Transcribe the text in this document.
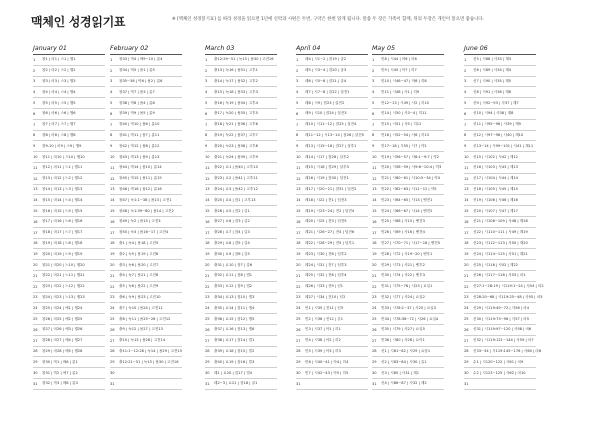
맥체인 성경읽기표	※ [맥체인 성경읽기표] 를 따라 성경을 읽으면 1년에 신약과 시편은 두번, 구약은 한번 읽게 됩니다. 말씀 두 장은 가족이 함께, 뒤의 두장은 개인이 읽으면 좋습니다.
January 01
1	창1 | 마1 | 스1 | 행1
2	창2 | 마2 | 스2 | 행2
3	창3 | 마3 | 스3 | 행3
4	창4 | 마4 | 스4 | 행4
5	창5 | 마5 | 스5 | 행5
6	창6 | 마6 | 스6 | 행6
7	창7 | 마7 | 스7 | 행7
8	창8 | 마8 | 스8 | 행8
9	창9-10 | 마9 | 스9 | 행9
10	창11 | 마10 | 스10 | 행10
11	창12 | 마11 | 느1 | 행11
12	창13 | 마12 | 느2 | 행12
13	창14 | 마13 | 느3 | 행13
14	창15 | 마14 | 느4 | 행14
15	창16 | 마15 | 느5 | 행15
16	창17 | 마16 | 느6 | 행16
17	창18 | 마17 | 느7 | 행17
18	창19 | 마18 | 느8 | 행18
19	창20 | 마19 | 느9 | 행19
20	창21 | 마20 | 느10 | 행20
21	창22 | 마21 | 느11 | 행21
22	창23 | 마22 | 느12 | 행22
23	창24 | 마23 | 느13 | 행23
24	창25 | 마24 | 에1 | 행24
25	창26 | 마25 | 에2 | 행25
26	창27 | 마26 | 에3 | 행26
27	창28 | 마27 | 에4 | 행27
28	창29 | 마28 | 에5 | 행28
29	창30 | 막1 | 에6 | 롬1
30	창31 | 막2 | 에7 | 롬2
31	창32 | 막3 | 에8 | 롬3
February 02
1	창33 | 막4 | 에9~10 | 롬4
2	창34 | 막5 | 욥1 | 롬5
3	창35~36 | 막6 | 욥2 | 롬6
4	창37 | 막7 | 욥3 | 롬7
5	창38 | 막8 | 욥4 | 롬8
6	창39 | 막9 | 욥5 | 롬9
7	창40 | 막10 | 욥6 | 롬10
8	창41 | 막11 | 욥7 | 롬11
9	창42 | 막12 | 욥8 | 롬12
10	창43 | 막13 | 욥9 | 롬13
11	창44 | 막14 | 욥10 | 롬14
12	창45 | 막15 | 욥11 | 롬15
13	창46 | 막16 | 욥12 | 롬16
14	창47 | 눅1:1~38 | 욥13 | 고전1
15	창48 | 눅1:39~80 | 욥14 | 고전2
16	창49 | 눅2 | 욥15 | 고전3
17	창50 | 눅3 | 욥16~17 | 고전4
18	출1 | 눅4 | 욥18 | 고전5
19	출2 | 눅5 | 욥19 | 고전6
20	출3 | 눅6 | 욥20 | 고전7
21	출4 | 눅7 | 욥21 | 고전8
22	출5 | 눅8 | 욥22 | 고전9
23	출6 | 눅9 | 욥23 | 고전10
24	출7 | 눅10 | 욥24 | 고전11
25	출8 | 눅11 | 욥25~26 | 고전12
26	출9 | 눅12 | 욥27 | 고전13
27	출10 | 눅13 | 욥28 | 고전14
28	출11:1~12:28 | 눅14 | 욥29 | 고전15
29	출12:21~51 | 눅15 | 욥30 | 고전16
30
31
March 03
1	출12:29~51 | 눅15 | 욥30 | 고전16
2	출13 | 눅16 | 욥31 | 고후1
3	출14 | 눅17 | 욥32 | 고후2
4	출15 | 눅18 | 욥33 | 고후3
5	출16 | 눅19 | 욥34 | 고후4
6	출17 | 눅20 | 욥35 | 고후5
7	출18 | 눅21 | 욥36 | 고후6
8	출19 | 눅22 | 욥37 | 고후7
9	출20 | 눅23 | 욥38 | 고후8
10	출21 | 눅24 | 욥39 | 고후9
11	출22 | 요1 | 욥40 | 고후10
12	출23 | 요2 | 욥41 | 고후11
13	출24 | 요3 | 욥42 | 고후12
14	출25 | 요4 | 잠1 | 고후13
15	출26 | 요5 | 잠2 | 갈1
16	출27 | 요6 | 잠3 | 갈2
17	출28 | 요7 | 잠4 | 갈3
18	출29 | 요8 | 잠5 | 갈4
19	출30 | 요9 | 잠6 | 갈5
20	출31 | 요10 | 잠7 | 갈6
21	출32 | 요11 | 잠8 | 엡1
22	출33 | 요12 | 잠9 | 엡2
23	출34 | 요13 | 잠10 | 엡3
24	출35 | 요14 | 잠11 | 엡4
25	출36 | 요15 | 잠12 | 엡5
26	출37 | 요16 | 잠13 | 엡6
27	출38 | 요17 | 잠14 | 빌1
28	출39 | 요18 | 잠15 | 빌2
29	출40 | 요19 | 잠16 | 빌3
30	레1 | 요20 | 잠17 | 빌4
31	레2~3 | 요21 | 잠18 | 골1
April 04
1	레4 | 시1~2 | 잠19 | 골2
2	레5 | 시3~4 | 잠20 | 골3
3	레6 | 시5~6 | 잠21 | 골4
4	레7 | 시7~8 | 잠22 | 살전1
5	레8 | 시9 | 잠23 | 살전2
6	레9 | 시10 | 잠24 | 살전3
7	레10 | 시11~12 | 잠25 | 살전4
8	레11~12 | 시13~14 | 잠26 | 살전5
9	레13 | 시15~16 | 잠27 | 살후1
10	레14 | 시17 | 잠28 | 살후2
11	레15 | 시18 | 잠29 | 살후3
12	레16 | 시19 | 잠30 | 딤전1
13	레17 | 시20~21 | 잠31 | 딤전2
14	레18 | 시22 | 전1 | 딤전3
15	레19 | 시23~24 | 전2 | 딤전4
16	레20 | 시25 | 전3 | 딤전5
17	레21 | 시26~27 | 전4 | 딤전6
18	레22 | 시28~29 | 전5 | 딤후1
19	레23 | 시30 | 전6 | 딤후2
20	레24 | 시31 | 전7 | 딤후3
21	레25 | 시32 | 전8 | 딤후4
22	레26 | 시33 | 전9 | 딛1
23	레27 | 시34 | 전10 | 딛2
24	민1 | 시35 | 전11 | 딛3
25	민2 | 시36 | 전12 | 몬1
26	민3 | 시37 | 아1 | 히1
27	민4 | 시38 | 아2 | 히2
28	민5 | 시39 | 아3 | 히3
29	민6 | 시40~41 | 아4 | 히4
30	민7 | 시42~43 | 아5 | 히5
31
May 05
1	민8 | 시44 | 아6 | 히6
2	민9 | 시45 | 아7 | 히7
3	민10 | 시46~47 | 아8 | 히8
4	민11 | 시48 | 사1 | 히9
5	민12~13 | 시49 | 사2 | 히10
6	민14 | 시50 | 사3~4 | 히11
7	민15 | 시51 | 사5 | 히12
8	민16 | 시52~54 | 사6 | 히13
9	민17~18 | 시55 | 사7 | 약1
10	민19 | 시56~57 | 사8:1~9:7 | 약2
11	민20 | 시58~59 | 사9:8~10:4 | 약3
12	민21 | 시60~61 | 사10:5~34 | 약4
13	민22 | 시62~63 | 사11~12 | 약5
14	민23 | 시64~65 | 사13 | 벧전1
15	민24 | 시66~67 | 사14 | 벧전2
16	민25 | 시68 | 사15 | 벧전3
17	민26 | 시69 | 사16 | 벧전4
18	민27 | 시70~71 | 사17~18 | 벧전5
19	민28 | 시72 | 사19~20 | 벧후1
20	민29 | 시73 | 사21 | 벧후2
21	민30 | 시74 | 사22 | 벧후3
22	민31 | 시75~76 | 사23 | 요일1
23	민32 | 시77 | 사24 | 요일2
24	민33 | 시78:1~37 | 사25 | 요일3
25	민34 | 시78:38~72 | 사26 | 요일4
26	민35 | 시79 | 사27 | 요일5
27	민36 | 시80 | 사28 | 요이1
28	신1 | 시81~82 | 사29 | 요삼1
29	신2 | 시83~84 | 사30 | 유1
30	신3 | 시85 | 사31 | 계1
31	신4 | 시86~87 | 사32 | 계2
June 06
1	신5 | 시88 | 사33 | 계3
2	신6 | 시89 | 사34 | 계4
3	신7 | 시90 | 사35 | 계5
4	신8 | 시91 | 사36 | 계6
5	신9 | 시92~93 | 사37 | 계7
6	신10 | 시94 | 사38 | 계8
7	신11 | 시95~96 | 사39 | 계9
8	신12 | 시97~98 | 사40 | 계10
9	신13~14 | 시99~101 | 사41 | 계11
10	신15 | 시102 | 사42 | 계12
11	신16 | 시103 | 사43 | 계13
12	신17 | 시104 | 사44 | 계14
13	신18 | 시105 | 사45 | 계15
14	신19 | 시106 | 사46 | 계16
15	신20 | 시107 | 사47 | 계17
16	신21 | 시108~109 | 사48 | 계18
17	신22 | 시110~111 | 사49 | 계19
18	신23 | 시112~113 | 사50 | 계20
19	신24 | 시114~115 | 사51 | 계21
20	신25 | 시116 | 사52 | 계22
21	신26 | 시117~118 | 사53 | 마1
22	신27:1~28:19 | 시119:1~24 | 사54 | 마2
23	신28:20~68 | 시119:25~48 | 사55 | 마3
24	신29 | 시119:49~72 | 사56 | 마4
25	신30 | 시119:73~96 | 사57 | 마5
26	신31 | 시119:97~120 | 사58 | 마6
27	신32 | 시119:121~144 | 사59 | 마7
28	신33~34 | 시119:145~176 | 사60 | 마8
29	수1 | 시120~122 | 사61 | 마9
30	수2 | 시123~125 | 사62 | 마10
31
